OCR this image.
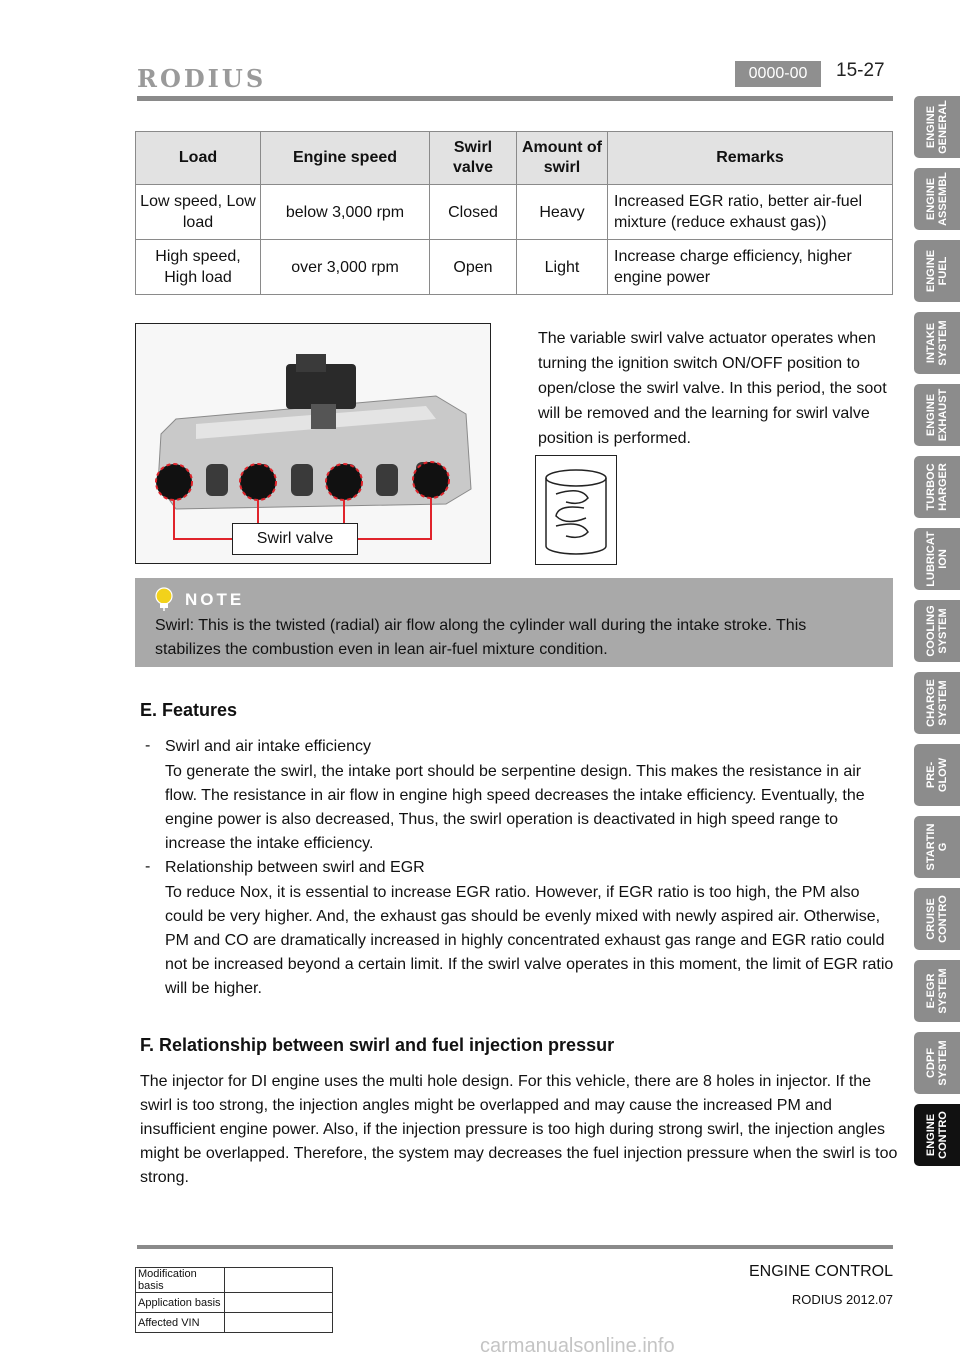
RODIUS	0000-00	15-27
Load	Engine speed	Swirl valve	Amount of swirl	Remarks
Low speed, Low load	below 3,000 rpm	Closed	Heavy	Increased EGR ratio, better air-fuel mixture (reduce exhaust gas))
High speed, High load	over 3,000 rpm	Open	Light	Increase charge efficiency, higher engine power
Swirl valve
The variable swirl valve actuator operates when turning the ignition switch ON/OFF position to open/close the swirl valve. In this period, the soot will be removed and the learning for swirl valve position is performed.
NOTE
Swirl: This is the twisted (radial) air flow along the cylinder wall during the intake stroke. This stabilizes the combustion even in lean air-fuel mixture condition.
E. Features
- Swirl and air intake efficiency
To generate the swirl, the intake port should be serpentine design. This makes the resistance in air flow. The resistance in air flow in engine high speed decreases the intake efficiency. Eventually, the engine power is also decreased, Thus, the swirl operation is deactivated in high speed range to increase the intake efficiency.
- Relationship between swirl and EGR
To reduce Nox, it is essential to increase EGR ratio. However, if EGR ratio is too high, the PM also could be very higher. And, the exhaust gas should be evenly mixed with newly aspired air. Otherwise, PM and CO are dramatically increased in highly concentrated exhaust gas range and EGR ratio could not be increased beyond a certain limit. If the swirl valve operates in this moment, the limit of EGR ratio will be higher.
F. Relationship between swirl and fuel injection pressur
The injector for DI engine uses the multi hole design. For this vehicle, there are 8 holes in injector. If the swirl is too strong, the injection angles might be overlapped and may cause the increased PM and insufficient engine power. Also, if the injection pressure is too high during strong swirl, the injection angles might be overlapped. Therefore, the system may decreases the fuel injection pressure when the swirl is too strong.
Modification basis	
Application basis	
Affected VIN	
ENGINE CONTROL
RODIUS 2012.07
carmanualsonline.info
ENGINE
GENERAL
ENGINE
ASSEMBL
ENGINE
FUEL
INTAKE
SYSTEM
ENGINE
EXHAUST
TURBOC
HARGER
LUBRICAT
ION
COOLING
SYSTEM
CHARGE
SYSTEM
PRE-
GLOW
STARTIN
G
CRUISE
CONTRO
E-EGR
SYSTEM
CDPF
SYSTEM
ENGINE
CONTRO
